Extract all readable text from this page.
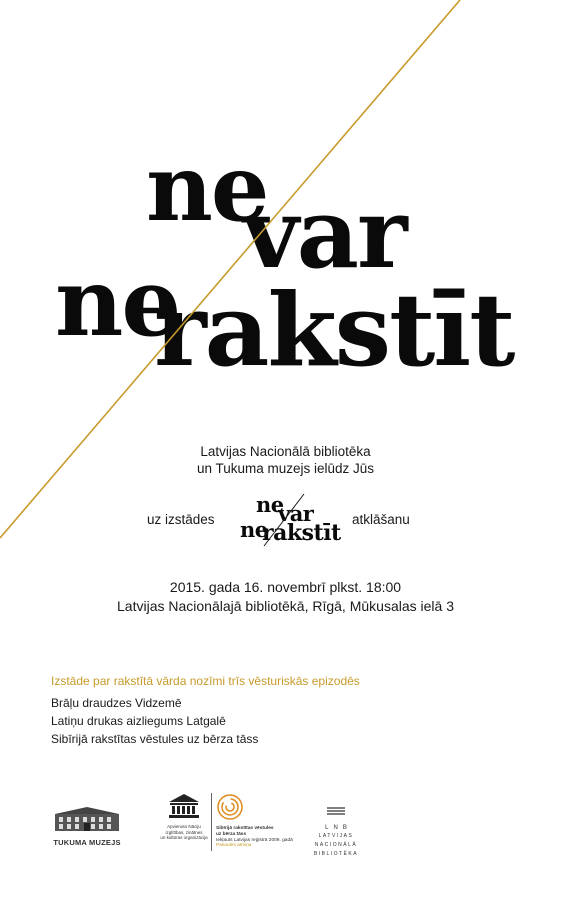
ne
var
ne
rakstīt
Latvijas Nacionālā bibliotēka
un Tukuma muzejs ielūdz Jūs
uz izstādes
ne
var
ne
rakstīt
atklāšanu
2015. gada 16. novembrī plkst. 18:00
Latvijas Nacionālajā bibliotēkā, Rīgā, Mūkusalas ielā 3
Izstāde par rakstītā vārda nozīmi trīs vēsturiskās epizodēs
Brāļu draudzes Vidzemē
Latiņu drukas aizliegums Latgalē
Sibīrijā rakstītas vēstules uz bērza tāss
TUKUMA MUZEJS
Apvienoto Nāciju
izglītības, zinātnes
un kultūras organizācija
Sibīrijā rakstītas vēstules
uz bērza tāss
Iekļauts Latvijas reģistrā 2009. gadā
Pasaules atmiņa
LNB
LATVIJAS
NACIONĀLĀ
BIBLIOTĒKA
